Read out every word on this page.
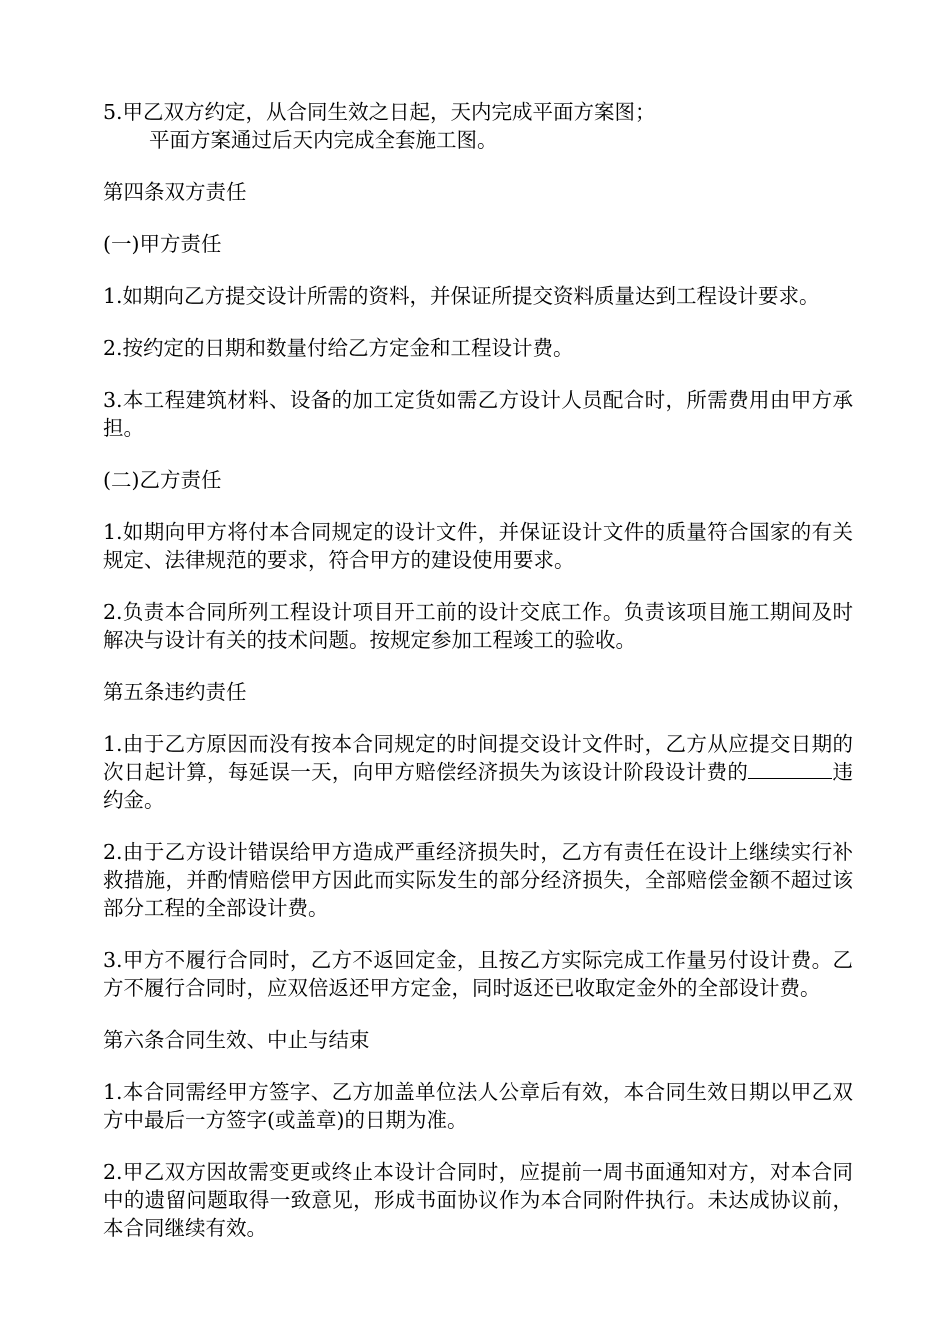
5.甲乙双方约定，从合同生效之日起，天内完成平面方案图；
平面方案通过后天内完成全套施工图。

第四条双方责任

(一)甲方责任

1.如期向乙方提交设计所需的资料，并保证所提交资料质量达到工程设计要求。

2.按约定的日期和数量付给乙方定金和工程设计费。

3.本工程建筑材料、设备的加工定货如需乙方设计人员配合时，所需费用由甲方承担。

(二)乙方责任

1.如期向甲方将付本合同规定的设计文件，并保证设计文件的质量符合国家的有关规定、法律规范的要求，符合甲方的建设使用要求。

2.负责本合同所列工程设计项目开工前的设计交底工作。负责该项目施工期间及时解决与设计有关的技术问题。按规定参加工程竣工的验收。

第五条违约责任

1.由于乙方原因而没有按本合同规定的时间提交设计文件时，乙方从应提交日期的次日起计算，每延误一天，向甲方赔偿经济损失为该设计阶段设计费的	违约金。

2.由于乙方设计错误给甲方造成严重经济损失时，乙方有责任在设计上继续实行补救措施，并酌情赔偿甲方因此而实际发生的部分经济损失，全部赔偿金额不超过该部分工程的全部设计费。

3.甲方不履行合同时，乙方不返回定金，且按乙方实际完成工作量另付设计费。乙方不履行合同时，应双倍返还甲方定金，同时返还已收取定金外的全部设计费。

第六条合同生效、中止与结束

1.本合同需经甲方签字、乙方加盖单位法人公章后有效，本合同生效日期以甲乙双方中最后一方签字(或盖章)的日期为准。

2.甲乙双方因故需变更或终止本设计合同时，应提前一周书面通知对方，对本合同中的遗留问题取得一致意见，形成书面协议作为本合同附件执行。未达成协议前，本合同继续有效。
